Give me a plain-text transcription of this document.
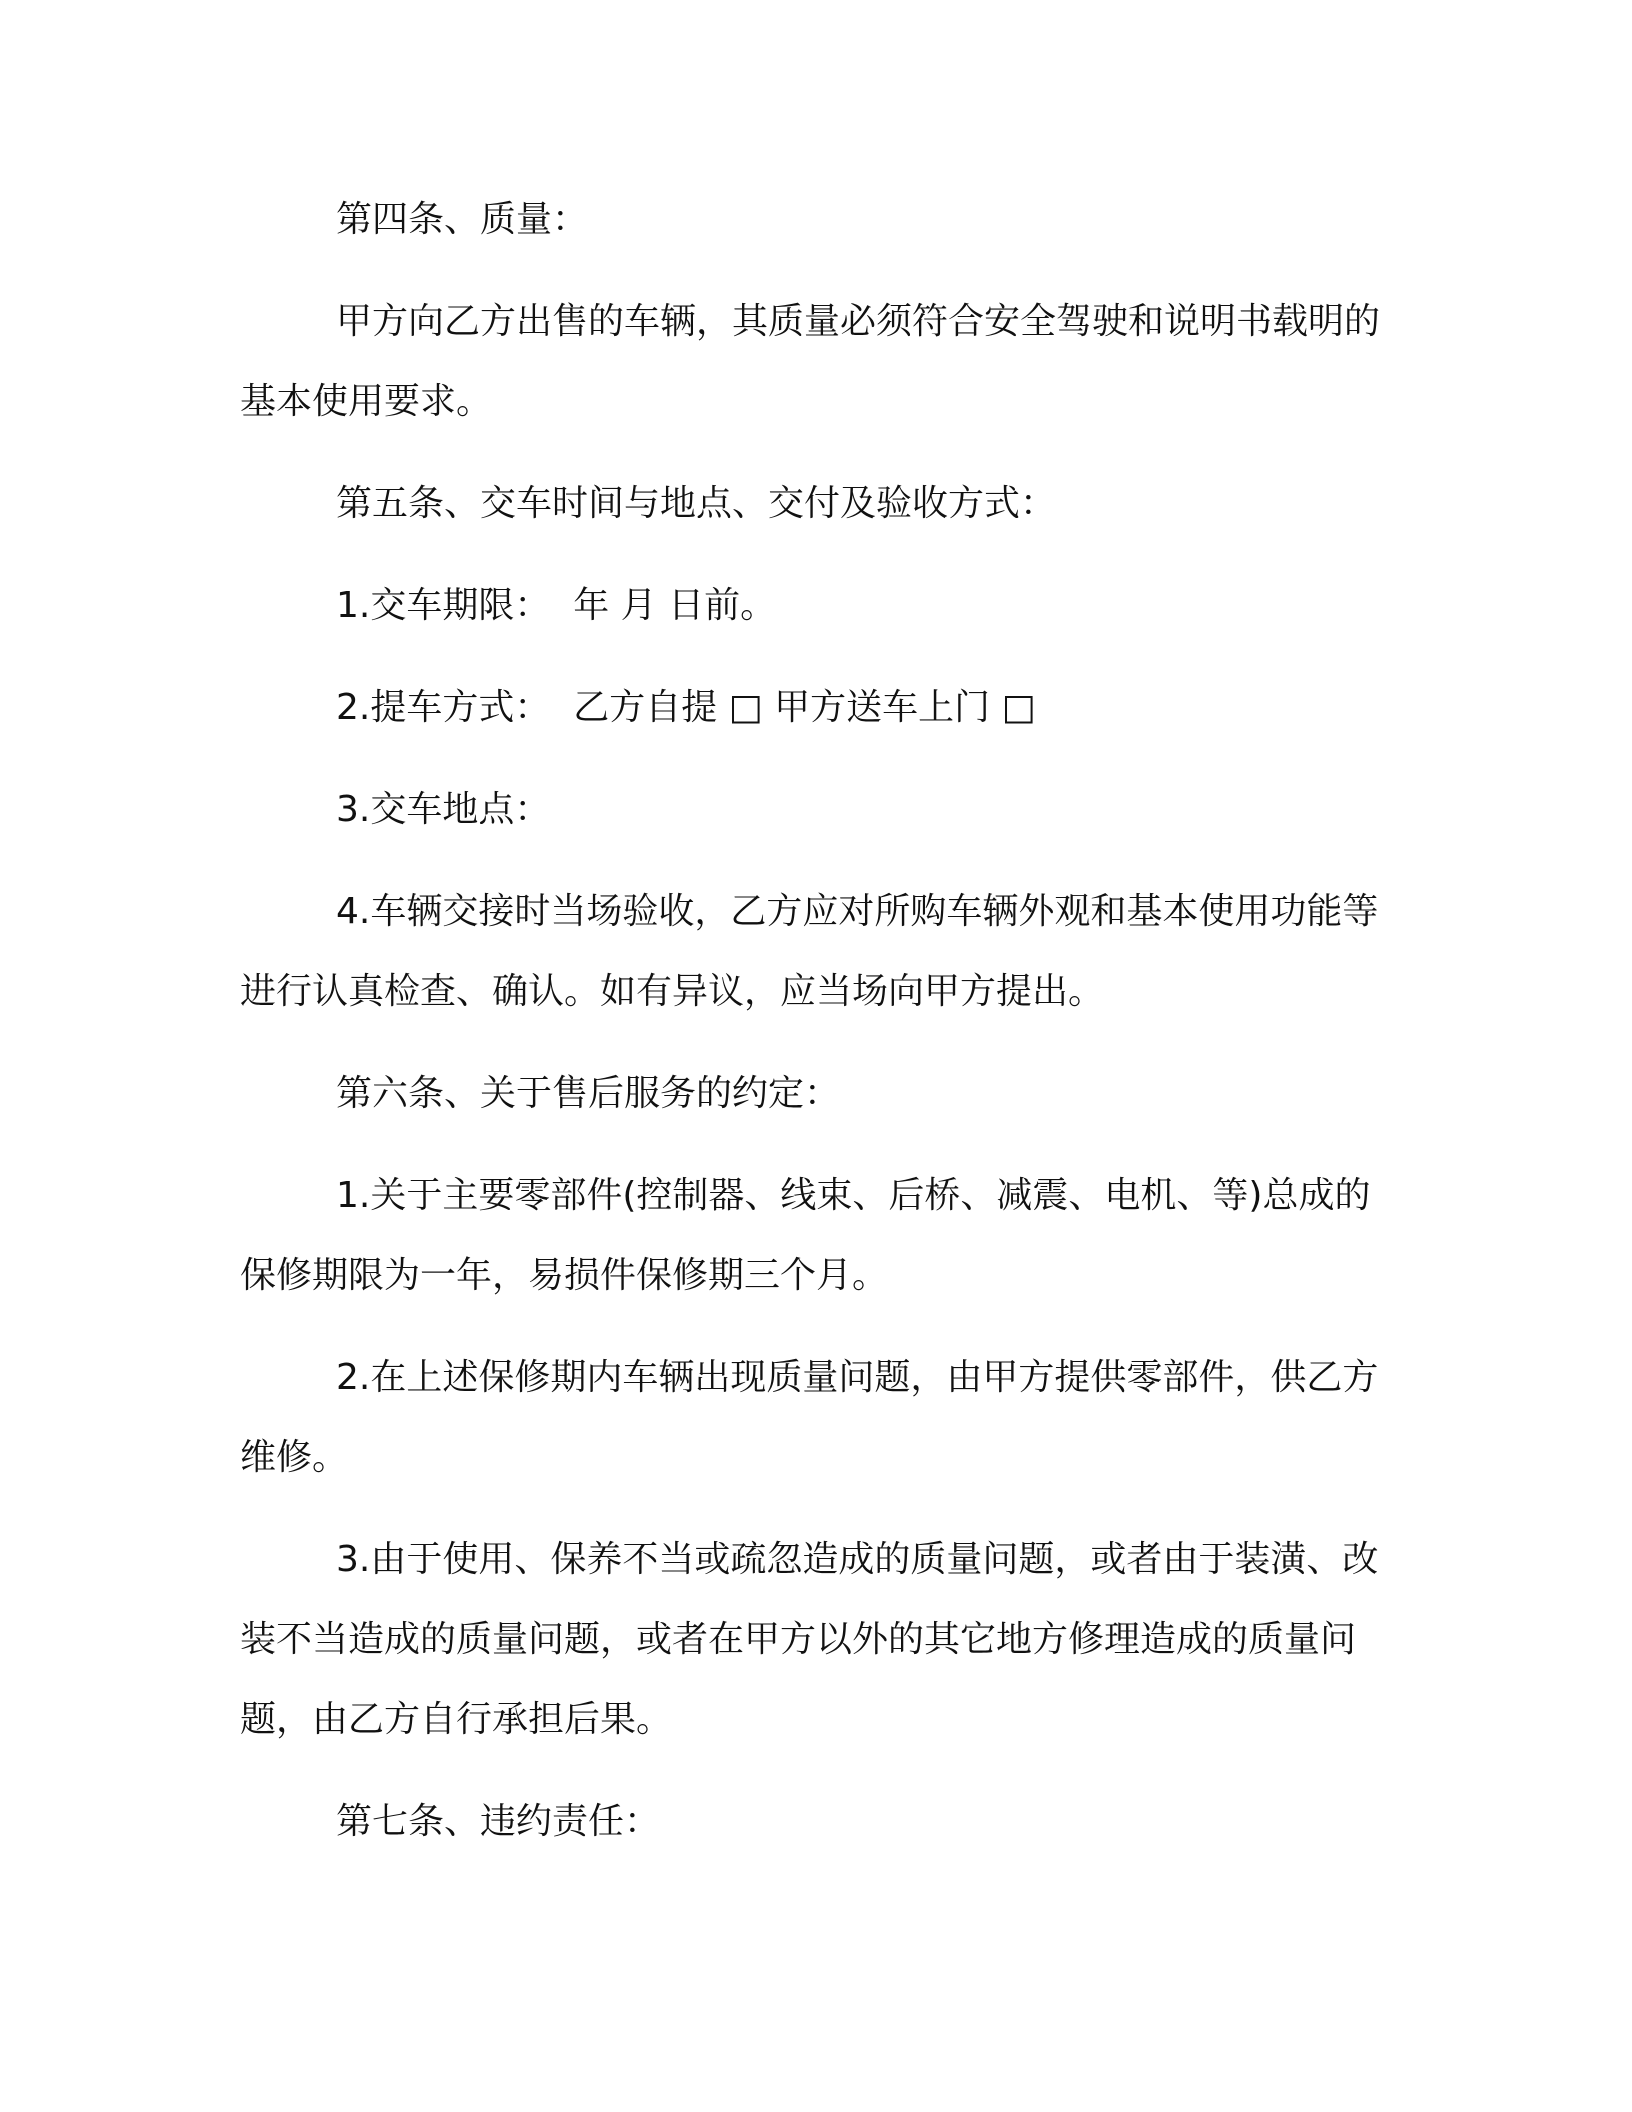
第四条、质量：

甲方向乙方出售的车辆，其质量必须符合安全驾驶和说明书载明的基本使用要求。

第五条、交车时间与地点、交付及验收方式：

1.交车期限：  年 月 日前。

2.提车方式：  乙方自提 □ 甲方送车上门 □

3.交车地点：

4.车辆交接时当场验收，乙方应对所购车辆外观和基本使用功能等进行认真检查、确认。如有异议，应当场向甲方提出。

第六条、关于售后服务的约定：

1.关于主要零部件(控制器、线束、后桥、减震、电机、等)总成的保修期限为一年，易损件保修期三个月。

2.在上述保修期内车辆出现质量问题，由甲方提供零部件，供乙方维修。

3.由于使用、保养不当或疏忽造成的质量问题，或者由于装潢、改装不当造成的质量问题，或者在甲方以外的其它地方修理造成的质量问题，由乙方自行承担后果。

第七条、违约责任：
